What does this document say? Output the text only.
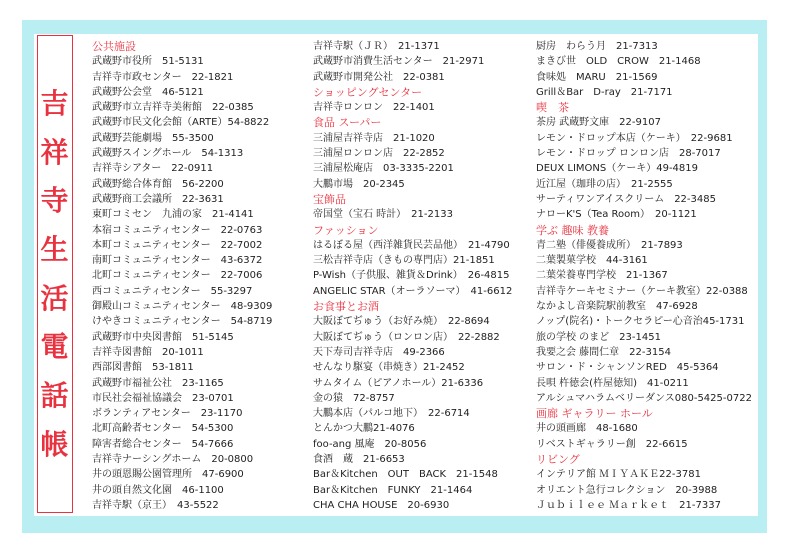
吉
祥
寺
生
活
電
話
帳
公共施設
武蔵野市役所　51-5131
吉祥寺市政センター　22-1821
武蔵野公会堂　46-5121
武蔵野市立吉祥寺美術館　22-0385
武蔵野市民文化会館（ARTE）54-8822
武蔵野芸能劇場　55-3500
武蔵野スイングホール　54-1313
吉祥寺シアター　22-0911
武蔵野総合体育館　56-2200
武蔵野商工会議所　22-3631
東町コミセン　九浦の家　21-4141
本宿コミュニティセンター　22-0763
本町コミュニティセンター　22-7002
南町コミュニティセンター　43-6372
北町コミュニティセンター　22-7006
西コミュニティセンター　55-3297
御殿山コミュニティセンター　48-9309
けやきコミュニティセンター　54-8719
武蔵野市中央図書館　51-5145
吉祥寺図書館　20-1011
西部図書館　53-1811
武蔵野市福祉公社　23-1165
市民社会福祉協議会　23-0701
ボランティアセンター　23-1170
北町高齢者センター　54-5300
障害者総合センター　54-7666
吉祥寺ナーシングホーム　20-0800
井の頭恩賜公園管理所　47-6900
井の頭自然文化園　46-1100
吉祥寺駅（京王）　43-5522
吉祥寺駅（ＪＲ）　21-1371
武蔵野市消費生活センター　21-2971
武蔵野市開発公社　22-0381
ショッピングセンター
吉祥寺ロンロン　22-1401
食品 スーパー
三浦屋吉祥寺店　21-1020
三浦屋ロンロン店　22-2852
三浦屋松庵店　03-3335-2201
大鵬市場　20-2345
宝飾品
帝国堂（宝石 時計）　21-2133
ファッション
はるぼる屋（西洋雑貨民芸品他）　21-4790
三松吉祥寺店（きもの専門店）21-1851
P-Wish（子供服、雑貨＆Drink）　26-4815
ANGELIC STAR（オーラソーマ）　41-6612
お食事とお酒
大阪ぼてぢゅう（お好み焼）　22-8694
大阪ぼてぢゅう（ロンロン店）　22-2882
天下寿司吉祥寺店　49-2366
せんなり駆宴（串焼き）21-2452
サムタイム（ピアノホール）21-6336
金の猿　72-8757
大鵬本店（パルコ地下）　22-6714
とんかつ大鵬21-4076
foo-ang 風庵　20-8056
食酒　蔵　21-6653
Bar＆Kitchen　OUT　BACK　21-1548
Bar＆Kitchen　FUNKY　21-1464
CHA CHA HOUSE　20-6930
厨房　わらう月　21-7313
まきび世　OLD　CROW　21-1468
食味処　MARU　21-1569
Grill＆Bar　D-ray　21-7171
喫　茶
茶房 武蔵野文庫　22-9107
レモン・ドロップ本店（ケーキ）　22-9681
レモン・ドロップ ロンロン店　28-7017
DEUX LIMONS（ケーキ）49-4819
近江屋（珈琲の店）　21-2555
サーティワンアイスクリーム　22-3485
ナローK'S（Tea Room）　20-1121
学ぶ 趣味 教養
青二塾（俳優養成所）　21-7893
二葉製菓学校　44-3161
二葉栄養専門学校　21-1367
吉祥寺ケーキセミナー（ケーキ教室）22-0388
なかよし音楽院駅前教室　47-6928
ノップ(院名)・トークセラピー心音治45-1731
旅の学校 のまど　23-1451
我要之会 藤間仁章　22-3154
サロン・ド・シャンソンRED　45-5364
長唄 杵徳会(杵屋徳知)　41-0211
アルシュマハラムベリーダンス080-5425-0722
画廊 ギャラリー ホール
井の頭画廊　48-1680
リベストギャラリー創　22-6615
リビング
インテリア館 ＭＩＹＡＫＥ22-3781
オリエント急行コレクション　20-3988
Ｊｕｂｉｌｅｅ Ｍａｒｋｅｔ　21-7337
